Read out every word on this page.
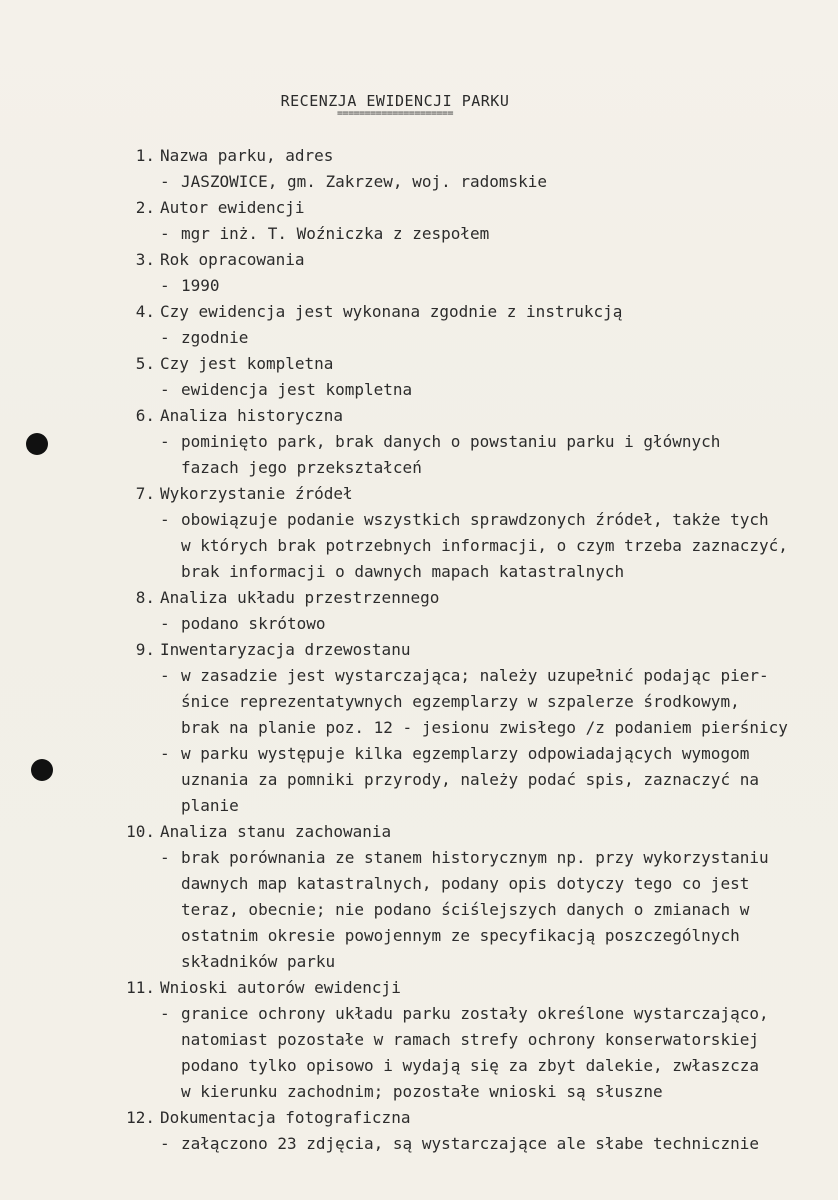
RECENZJA EWIDENCJI PARKU
=====================
1. Nazwa parku, adres
- JASZOWICE, gm. Zakrzew, woj. radomskie
2. Autor ewidencji
- mgr inż. T. Woźniczka z zespołem
3. Rok opracowania
- 1990
4. Czy ewidencja jest wykonana zgodnie z instrukcją
- zgodnie
5. Czy jest kompletna
- ewidencja jest kompletna
6. Analiza historyczna
- pominięto park, brak danych o powstaniu parku i głównych
fazach jego przekształceń
7. Wykorzystanie źródeł
- obowiązuje podanie wszystkich sprawdzonych źródeł, także tych
w których brak potrzebnych informacji, o czym trzeba zaznaczyć,
brak informacji o dawnych mapach katastralnych
8. Analiza układu przestrzennego
- podano skrótowo
9. Inwentaryzacja drzewostanu
- w zasadzie jest wystarczająca; należy uzupełnić podając pier-
śnice reprezentatywnych egzemplarzy w szpalerze środkowym,
brak na planie poz. 12 - jesionu zwisłego /z podaniem pierśnicy
- w parku występuje kilka egzemplarzy odpowiadających wymogom
uznania za pomniki przyrody, należy podać spis, zaznaczyć na
planie
10. Analiza stanu zachowania
- brak porównania ze stanem historycznym np. przy wykorzystaniu
dawnych map katastralnych, podany opis dotyczy tego co jest
teraz, obecnie; nie podano ściślejszych danych o zmianach w
ostatnim okresie powojennym ze specyfikacją poszczególnych
składników parku
11. Wnioski autorów ewidencji
- granice ochrony układu parku zostały określone wystarczająco,
natomiast pozostałe w ramach strefy ochrony konserwatorskiej
podano tylko opisowo i wydają się za zbyt dalekie, zwłaszcza
w kierunku zachodnim; pozostałe wnioski są słuszne
12. Dokumentacja fotograficzna
- załączono 23 zdjęcia, są wystarczające ale słabe technicznie
